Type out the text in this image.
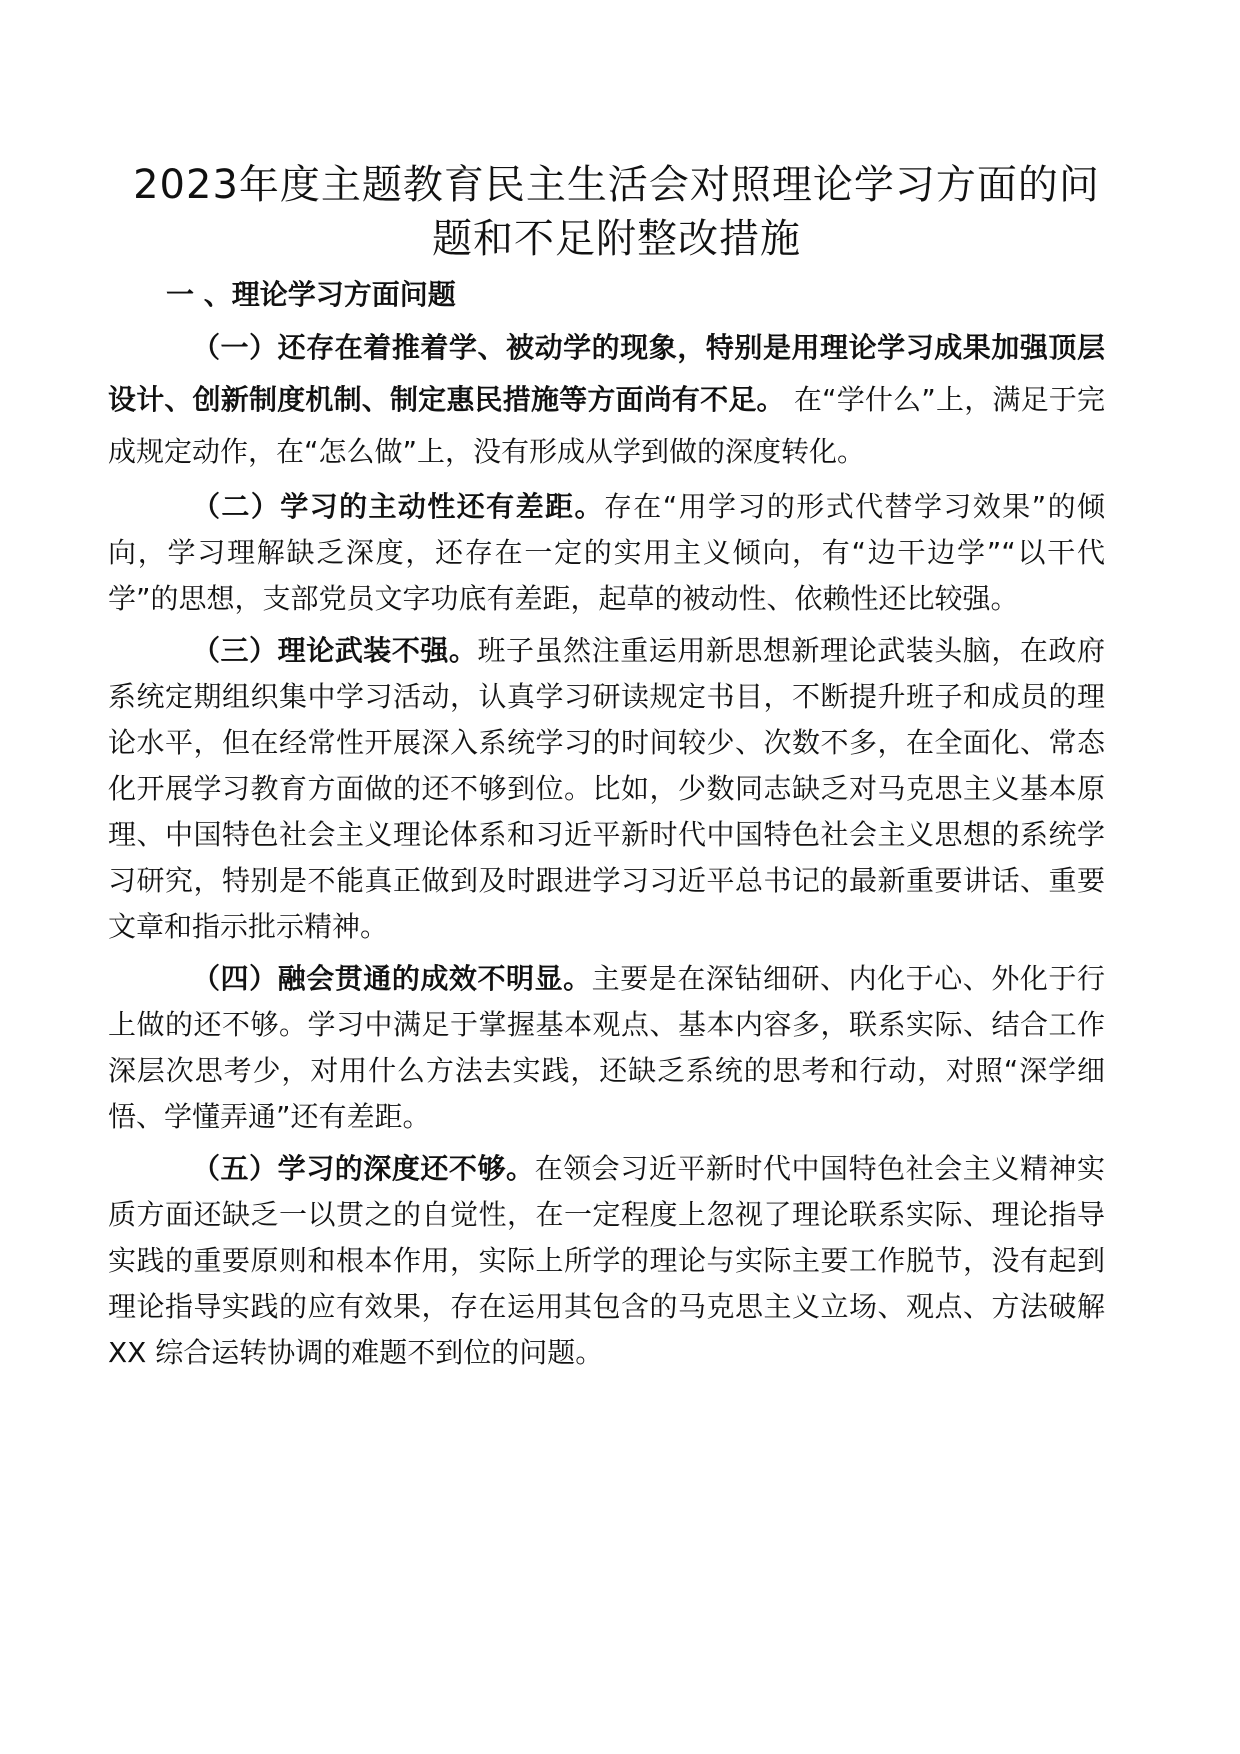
2023年度主题教育民主生活会对照理论学习方面的问题和不足附整改措施
一 、理论学习方面问题

（一）还存在着推着学、被动学的现象，特别是用理论学习成果加强顶层设计、创新制度机制、制定惠民措施等方面尚有不足。 在“学什么”上，满足于完成规定动作，在“怎么做”上，没有形成从学到做的深度转化。

（二）学习的主动性还有差距。存在“用学习的形式代替学习效果”的倾向，学习理解缺乏深度，还存在一定的实用主义倾向，有“边干边学”“以干代学”的思想，支部党员文字功底有差距，起草的被动性、依赖性还比较强。

（三）理论武装不强。班子虽然注重运用新思想新理论武装头脑，在政府系统定期组织集中学习活动，认真学习研读规定书目，不断提升班子和成员的理论水平，但在经常性开展深入系统学习的时间较少、次数不多，在全面化、常态化开展学习教育方面做的还不够到位。比如，少数同志缺乏对马克思主义基本原理、中国特色社会主义理论体系和习近平新时代中国特色社会主义思想的系统学习研究，特别是不能真正做到及时跟进学习习近平总书记的最新重要讲话、重要文章和指示批示精神。

（四）融会贯通的成效不明显。主要是在深钻细研、内化于心、外化于行上做的还不够。学习中满足于掌握基本观点、基本内容多，联系实际、结合工作深层次思考少，对用什么方法去实践，还缺乏系统的思考和行动，对照“深学细悟、学懂弄通”还有差距。

（五）学习的深度还不够。在领会习近平新时代中国特色社会主义精神实质方面还缺乏一以贯之的自觉性，在一定程度上忽视了理论联系实际、理论指导实践的重要原则和根本作用，实际上所学的理论与实际主要工作脱节，没有起到理论指导实践的应有效果，存在运用其包含的马克思主义立场、观点、方法破解XX 综合运转协调的难题不到位的问题。
